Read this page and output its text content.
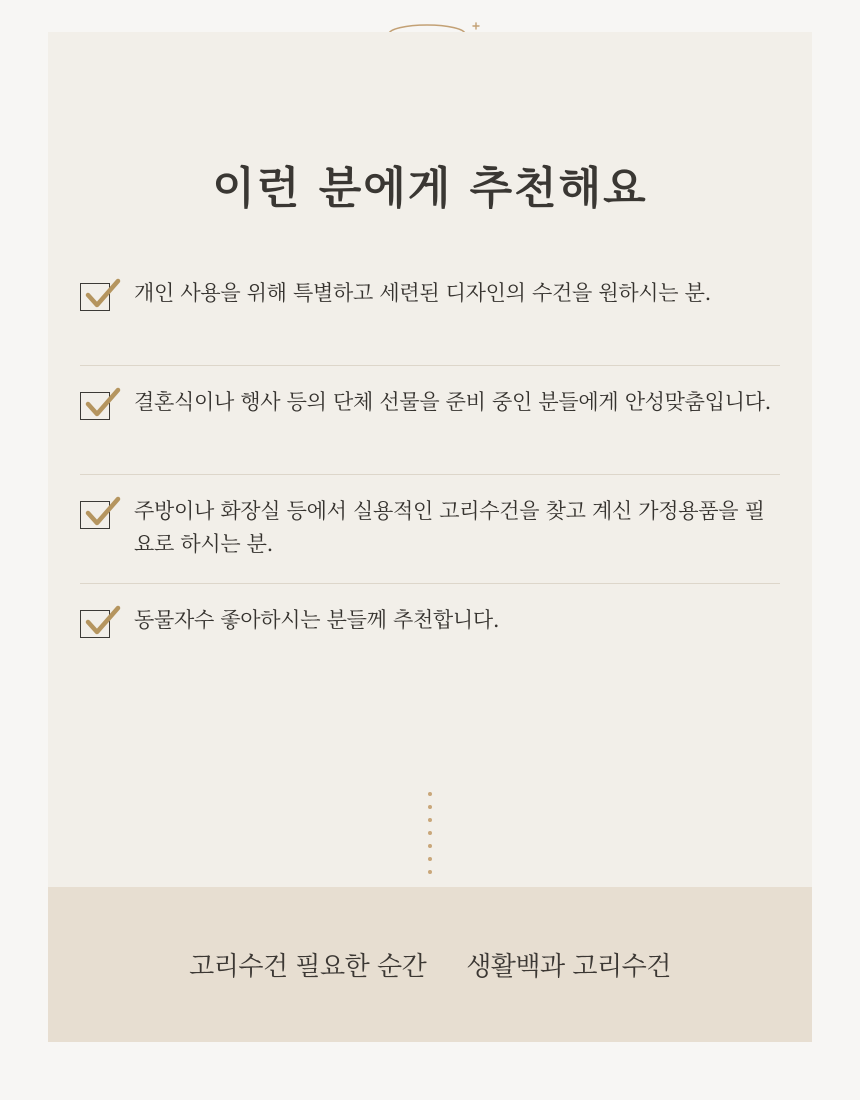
이런 분에게 추천해요
개인 사용을 위해 특별하고 세련된 디자인의 수건을 원하시는 분.
결혼식이나 행사 등의 단체 선물을 준비 중인 분들에게 안성맞춤입니다.
주방이나 화장실 등에서 실용적인 고리수건을 찾고 계신 가정용품을 필요로 하시는 분.
동물자수 좋아하시는 분들께 추천합니다.
고리수건 필요한 순간 생활백과 고리수건
